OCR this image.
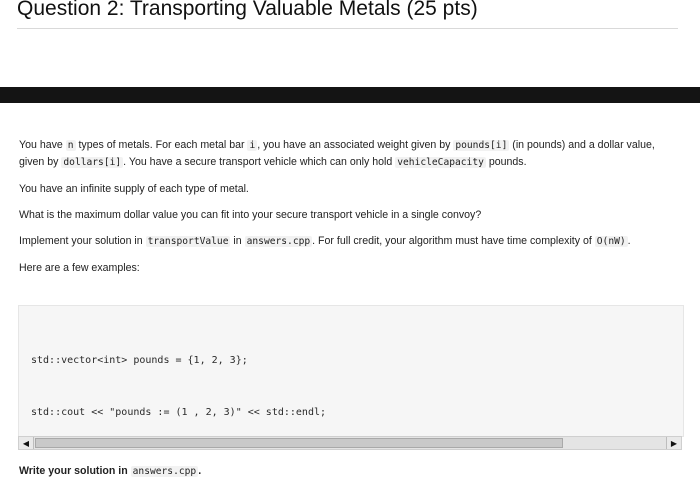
Question 2: Transporting Valuable Metals (25 pts)

You have n types of metals. For each metal bar i , you have an associated weight given by pounds[i] (in pounds) and a dollar value, given by dollars[i] . You have a secure transport vehicle which can only hold vehicleCapacity pounds.

You have an infinite supply of each type of metal.

What is the maximum dollar value you can fit into your secure transport vehicle in a single convoy?

Implement your solution in transportValue in answers.cpp . For full credit, your algorithm must have time complexity of O(nW) .

Here are a few examples:

std::vector<int> pounds = {1, 2, 3};

std::cout << "pounds := (1 , 2, 3)" << std::endl;

◀	▶
Write your solution in answers.cpp .
